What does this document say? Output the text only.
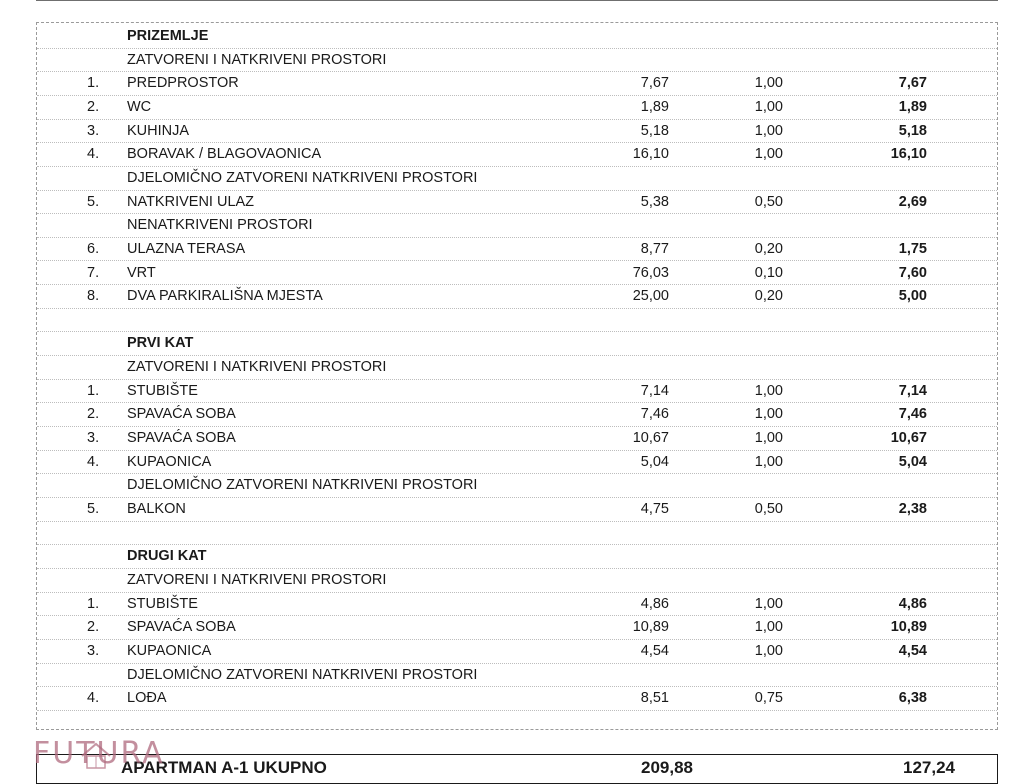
PRIZEMLJE
ZATVORENI I NATKRIVENI PROSTORI
1.	PREDPROSTOR	7,67	1,00	7,67
2.	WC	1,89	1,00	1,89
3.	KUHINJA	5,18	1,00	5,18
4.	BORAVAK / BLAGOVAONICA	16,10	1,00	16,10
DJELOMIČNO ZATVORENI NATKRIVENI PROSTORI
5.	NATKRIVENI ULAZ	5,38	0,50	2,69
NENATKRIVENI PROSTORI
6.	ULAZNA TERASA	8,77	0,20	1,75
7.	VRT	76,03	0,10	7,60
8.	DVA PARKIRALIŠNA MJESTA	25,00	0,20	5,00
PRVI KAT
ZATVORENI I NATKRIVENI PROSTORI
1.	STUBIŠTE	7,14	1,00	7,14
2.	SPAVAĆA SOBA	7,46	1,00	7,46
3.	SPAVAĆA SOBA	10,67	1,00	10,67
4.	KUPAONICA	5,04	1,00	5,04
DJELOMIČNO ZATVORENI NATKRIVENI PROSTORI
5.	BALKON	4,75	0,50	2,38
DRUGI KAT
ZATVORENI I NATKRIVENI PROSTORI
1.	STUBIŠTE	4,86	1,00	4,86
2.	SPAVAĆA SOBA	10,89	1,00	10,89
3.	KUPAONICA	4,54	1,00	4,54
DJELOMIČNO ZATVORENI NATKRIVENI PROSTORI
4.	LOĐA	8,51	0,75	6,38
APARTMAN A-1 UKUPNO	209,88	127,24
FUTURA
